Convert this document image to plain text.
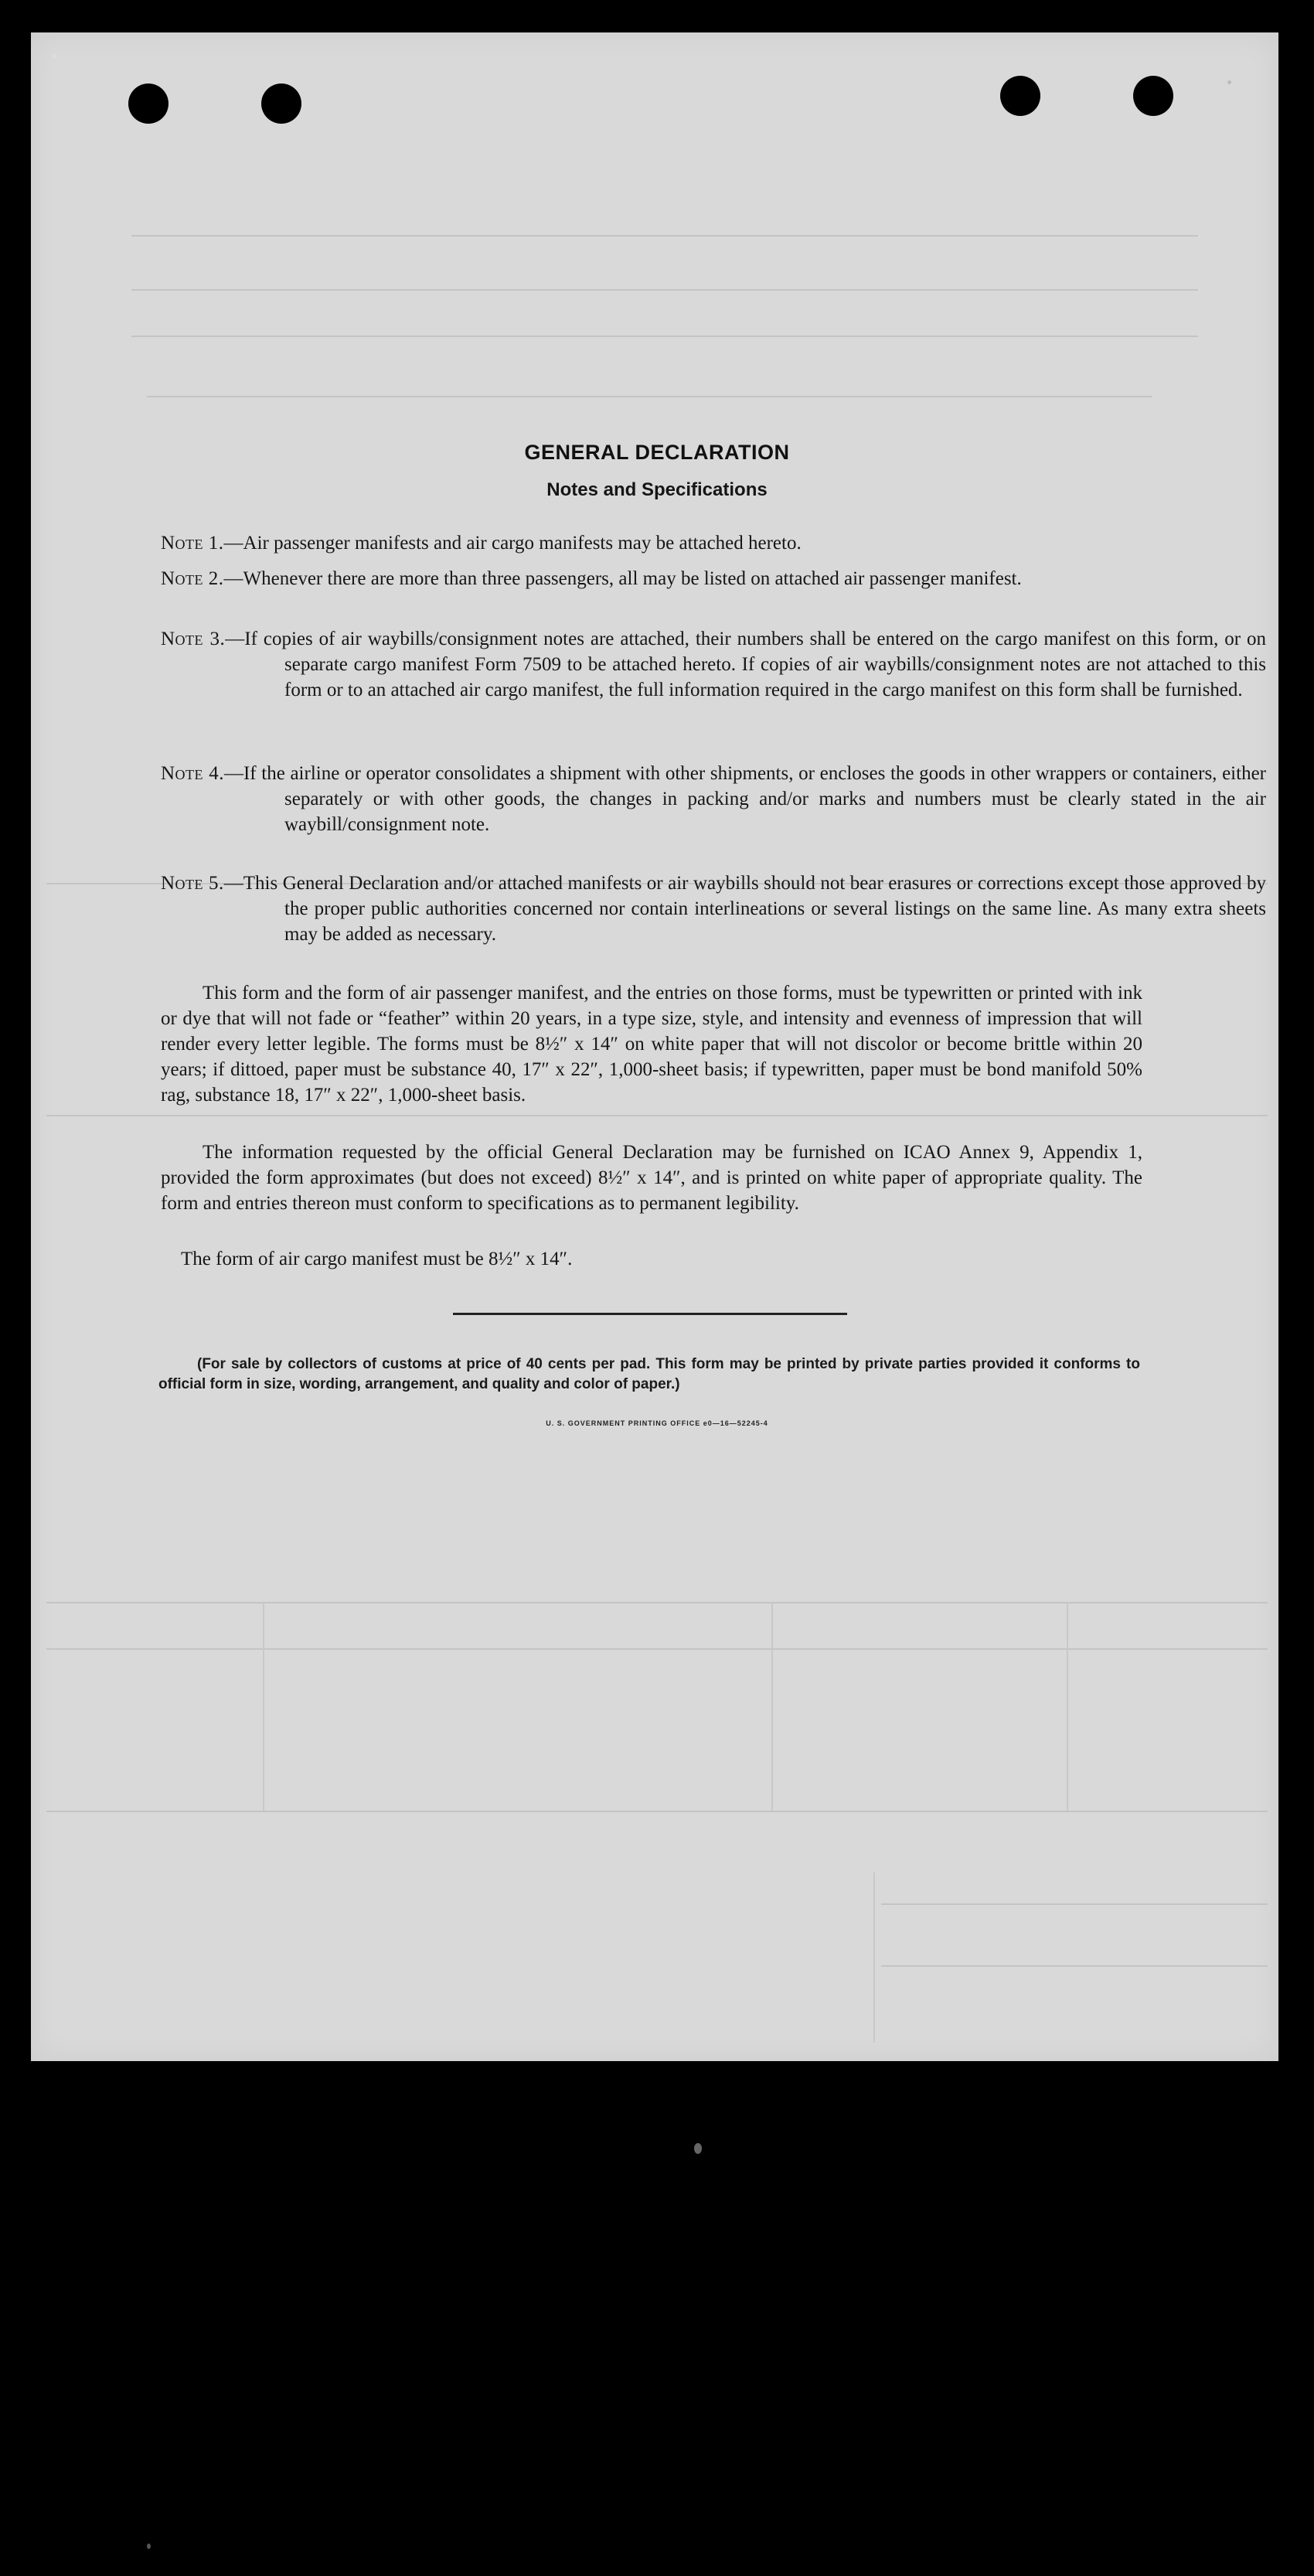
GENERAL DECLARATION
Notes and Specifications
Note 1.—Air passenger manifests and air cargo manifests may be attached hereto.
Note 2.—Whenever there are more than three passengers, all may be listed on attached air passenger manifest.
Note 3.—If copies of air waybills/consignment notes are attached, their numbers shall be entered on the cargo manifest on this form, or on separate cargo manifest Form 7509 to be attached hereto. If copies of air waybills/consignment notes are not attached to this form or to an attached air cargo manifest, the full information required in the cargo manifest on this form shall be furnished.
Note 4.—If the airline or operator consolidates a shipment with other shipments, or encloses the goods in other wrappers or containers, either separately or with other goods, the changes in packing and/or marks and numbers must be clearly stated in the air waybill/consignment note.
Note 5.—This General Declaration and/or attached manifests or air waybills should not bear erasures or corrections except those approved by the proper public authorities concerned nor contain interlineations or several listings on the same line. As many extra sheets may be added as necessary.
This form and the form of air passenger manifest, and the entries on those forms, must be typewritten or printed with ink or dye that will not fade or “feather” within 20 years, in a type size, style, and intensity and evenness of impression that will render every letter legible. The forms must be 8½″ x 14″ on white paper that will not discolor or become brittle within 20 years; if dittoed, paper must be substance 40, 17″ x 22″, 1,000-sheet basis; if typewritten, paper must be bond manifold 50% rag, substance 18, 17″ x 22″, 1,000-sheet basis.
The information requested by the official General Declaration may be furnished on ICAO Annex 9, Appendix 1, provided the form approximates (but does not exceed) 8½″ x 14″, and is printed on white paper of appropriate quality. The form and entries thereon must conform to specifications as to permanent legibility.
The form of air cargo manifest must be 8½″ x 14″.
(For sale by collectors of customs at price of 40 cents per pad. This form may be printed by private parties provided it conforms to official form in size, wording, arrangement, and quality and color of paper.)
U. S. GOVERNMENT PRINTING OFFICE e0—16—52245-4
